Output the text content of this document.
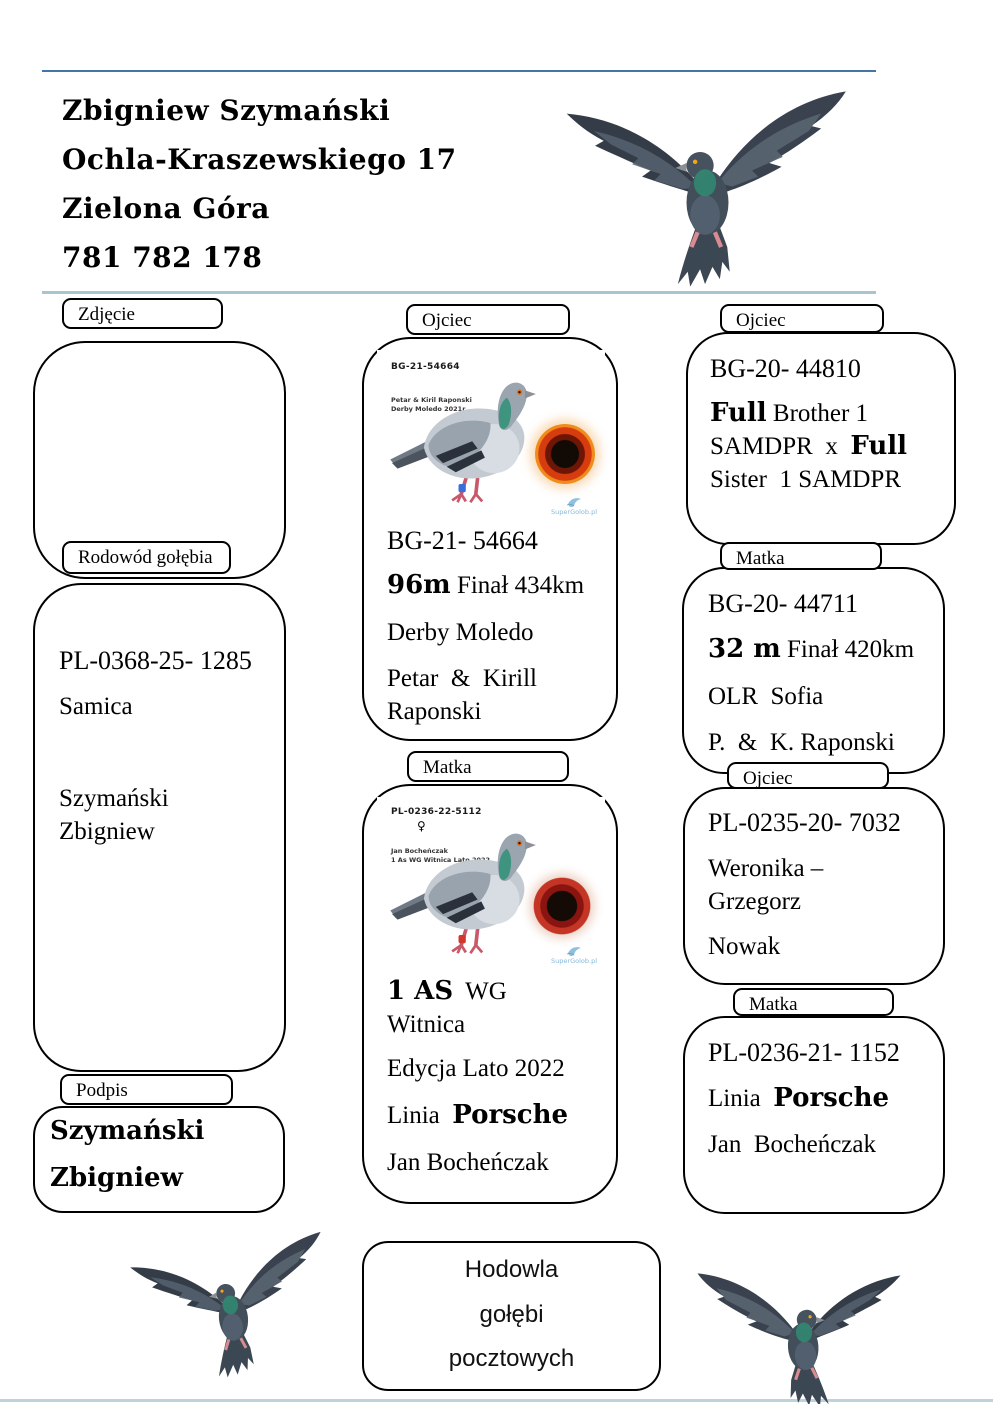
Zbigniew Szymański
Ochla-Kraszewskiego 17
Zielona Góra
781 782 178
Zdjęcie
Rodowód gołębia
PL-0368-25- 1285
Samica
Szymański Zbigniew
Podpis
Szymański
Zbigniew
Ojciec
BG-21-54664
Petar & Kiril Raponski
Derby Moledo 2021r
SuperGolob.pl
BG-21- 54664
96m Finał 434km
Derby Moledo
Petar  &  Kirill Raponski
Matka
PL-0236-22-5112
♀
Jan Bocheńczak
1 As WG Witnica Lato 2022
SuperGolob.pl
1 AS  WG Witnica
Edycja Lato 2022
Linia  Porsche
Jan Bocheńczak
Ojciec
BG-20- 44810
Full Brother 1 SAMDPR  x  Full Sister  1 SAMDPR
Matka
BG-20- 44711
32 m Finał 420km
OLR  Sofia
P.  &  K. Raponski
Ojciec
PL-0235-20- 7032
Weronika – Grzegorz
Nowak
Matka
PL-0236-21- 1152
Linia  Porsche
Jan  Bocheńczak
Hodowla
gołębi
pocztowych
